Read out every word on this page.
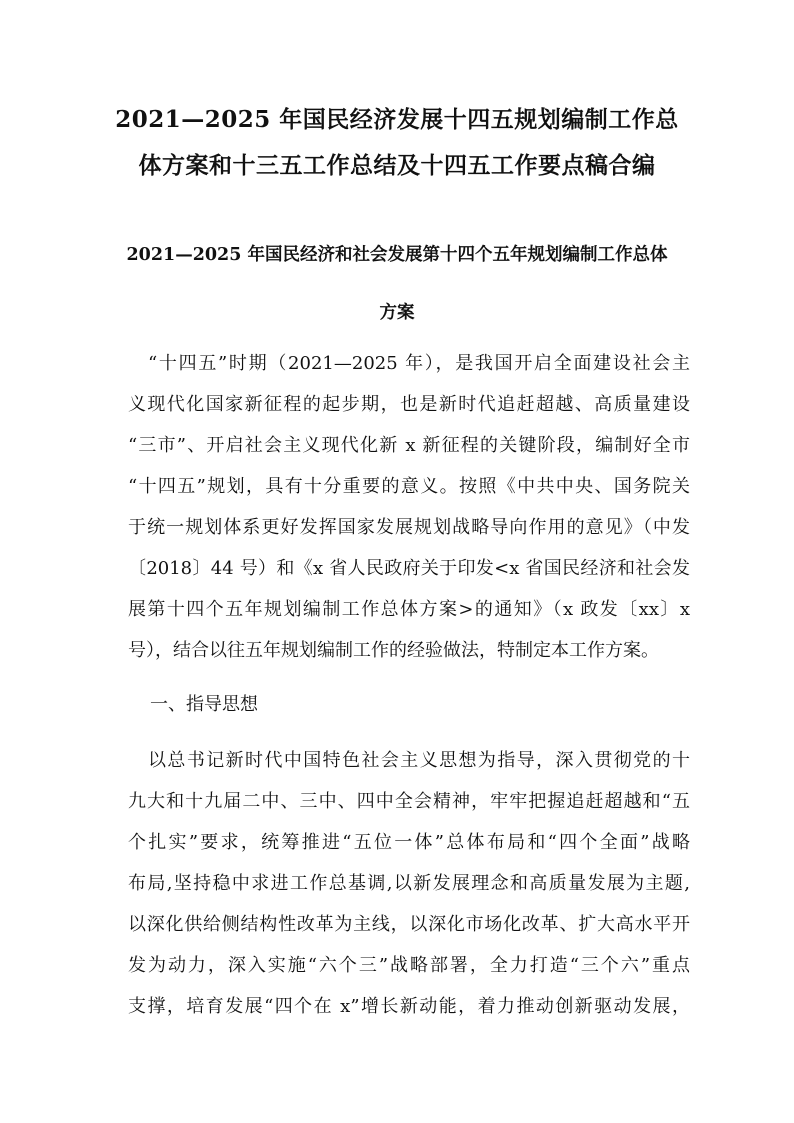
2021—2025 年国民经济发展十四五规划编制工作总
体方案和十三五工作总结及十四五工作要点稿合编
2021—2025 年国民经济和社会发展第十四个五年规划编制工作总体
方案
“十四五”时期（2021—2025 年），是我国开启全面建设社会主
义现代化国家新征程的起步期，也是新时代追赶超越、高质量建设
“三市”、开启社会主义现代化新 x 新征程的关键阶段，编制好全市
“十四五”规划，具有十分重要的意义。按照《中共中央、国务院关
于统一规划体系更好发挥国家发展规划战略导向作用的意见》（中发
〔2018〕44 号）和《x 省人民政府关于印发<x 省国民经济和社会发
展第十四个五年规划编制工作总体方案>的通知》（x 政发〔xx〕x
号），结合以往五年规划编制工作的经验做法，特制定本工作方案。
一、指导思想
以总书记新时代中国特色社会主义思想为指导，深入贯彻党的十
九大和十九届二中、三中、四中全会精神，牢牢把握追赶超越和“五
个扎实”要求，统筹推进“五位一体”总体布局和“四个全面”战略
布局,坚持稳中求进工作总基调,以新发展理念和高质量发展为主题,
以深化供给侧结构性改革为主线，以深化市场化改革、扩大高水平开
发为动力，深入实施“六个三”战略部署，全力打造“三个六”重点
支撑，培育发展“四个在 x”增长新动能，着力推动创新驱动发展，
